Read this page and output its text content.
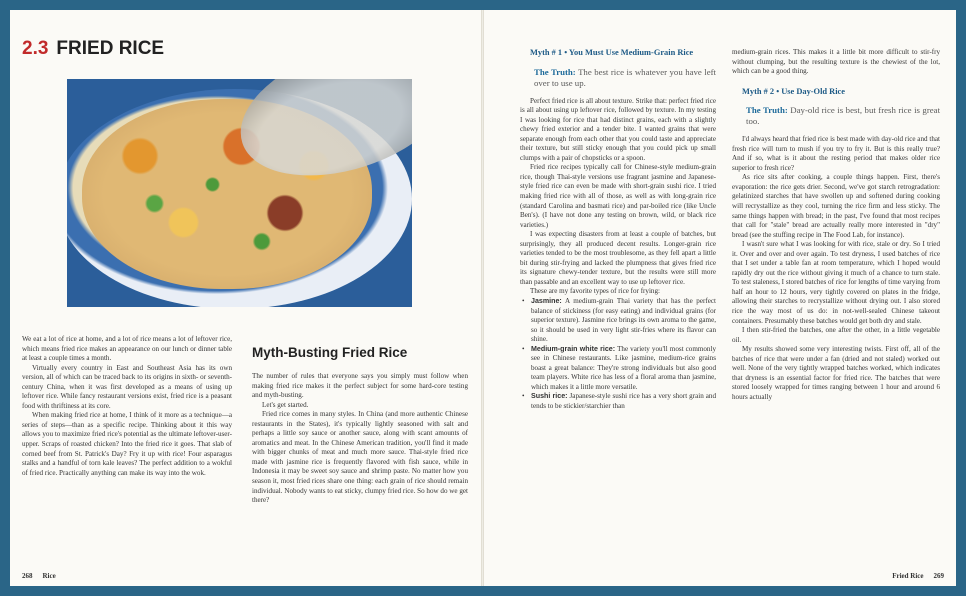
2.3 FRIED RICE

We eat a lot of rice at home, and a lot of rice means a lot of leftover rice, which means fried rice makes an appearance on our lunch or dinner table at least a couple times a month.

Virtually every country in East and Southeast Asia has its own version, all of which can be traced back to its origins in sixth- or seventh-century China, when it was first developed as a means of using up leftover rice. While fancy restaurant versions exist, fried rice is a peasant food with thriftiness at its core.

When making fried rice at home, I think of it more as a technique—a series of steps—than as a specific recipe. Thinking about it this way allows you to maximize fried rice's potential as the ultimate leftover-user-upper. Scraps of roasted chicken? Into the fried rice it goes. That slab of corned beef from St. Patrick's Day? Fry it up with rice! Four asparagus stalks and a handful of torn kale leaves? The perfect addition to a wokful of fried rice. Practically anything can make its way into the wok.

Myth-Busting Fried Rice

The number of rules that everyone says you simply must follow when making fried rice makes it the perfect subject for some hard-core testing and myth-busting.

Let's get started.

Fried rice comes in many styles. In China (and more authentic Chinese restaurants in the States), it's typically lightly seasoned with salt and perhaps a little soy sauce or another sauce, along with scant amounts of aromatics and meat. In the Chinese American tradition, you'll find it made with bigger chunks of meat and much more sauce. Thai-style fried rice made with jasmine rice is frequently flavored with fish sauce, while in Indonesia it may be sweet soy sauce and shrimp paste. No matter how you season it, most fried rices share one thing: each grain of rice should remain individual. Nobody wants to eat sticky, clumpy fried rice. So how do we get there?

268 Rice

Myth # 1 • You Must Use Medium-Grain Rice

The Truth: The best rice is whatever you have left over to use up.

Perfect fried rice is all about texture. Strike that: perfect fried rice is all about using up leftover rice, followed by texture. In my testing I was looking for rice that had distinct grains, each with a slightly chewy fried exterior and a tender bite. I wanted grains that were separate enough from each other that you could taste and appreciate their texture, but still sticky enough that you could pick up small clumps with a pair of chopsticks or a spoon.

Fried rice recipes typically call for Chinese-style medium-grain rice, though Thai-style versions use fragrant jasmine and Japanese-style fried rice can even be made with short-grain sushi rice. I tried making fried rice with all of those, as well as with long-grain rice (standard Carolina and basmati rice) and par-boiled rice (like Uncle Ben's). (I have not done any testing on brown, wild, or black rice varieties.)

I was expecting disasters from at least a couple of batches, but surprisingly, they all produced decent results. Longer-grain rice varieties tended to be the most troublesome, as they fell apart a little bit during stir-frying and lacked the plumpness that gives fried rice its signature chewy-tender texture, but the results were still more than passable and an excellent way to use up leftover rice.

These are my favorite types of rice for frying:

• Jasmine: A medium-grain Thai variety that has the perfect balance of stickiness (for easy eating) and individual grains (for superior texture). Jasmine rice brings its own aroma to the game, so it should be used in very light stir-fries where its flavor can shine.

• Medium-grain white rice: The variety you'll most commonly see in Chinese restaurants. Like jasmine, medium-rice grains boast a great balance: They're strong individuals but also good team players. White rice has less of a floral aroma than jasmine, which makes it a little more versatile.

• Sushi rice: Japanese-style sushi rice has a very short grain and tends to be stickier/starchier than

medium-grain rices. This makes it a little bit more difficult to stir-fry without clumping, but the resulting texture is the chewiest of the lot, which can be a good thing.

Myth # 2 • Use Day-Old Rice

The Truth: Day-old rice is best, but fresh rice is great too.

I'd always heard that fried rice is best made with day-old rice and that fresh rice will turn to mush if you try to fry it. But is this really true? And if so, what is it about the resting period that makes older rice superior to fresh rice?

As rice sits after cooking, a couple things happen. First, there's evaporation: the rice gets drier. Second, we've got starch retrogradation: gelatinized starches that have swollen up and softened during cooking will recrystallize as they cool, turning the rice firm and less sticky. The same things happen with bread; in the past, I've found that most recipes that call for "stale" bread are actually really more interested in "dry" bread (see the stuffing recipe in The Food Lab, for instance).

I wasn't sure what I was looking for with rice, stale or dry. So I tried it. Over and over and over again. To test dryness, I used batches of rice that I set under a table fan at room temperature, which I hoped would rapidly dry out the rice without giving it much of a chance to turn stale. To test staleness, I stored batches of rice for lengths of time varying from half an hour to 12 hours, very tightly covered on plates in the fridge, allowing their starches to recrystallize without drying out. I also stored rice the way most of us do: in not-well-sealed Chinese takeout containers. Presumably these batches would get both dry and stale.

I then stir-fried the batches, one after the other, in a little vegetable oil.

My results showed some very interesting twists. First off, all of the batches of rice that were under a fan (dried and not staled) worked out well. None of the very tightly wrapped batches worked, which indicates that dryness is an essential factor for fried rice. The batches that were stored loosely wrapped for times ranging between 1 hour and around 6 hours actually

Fried Rice 269
